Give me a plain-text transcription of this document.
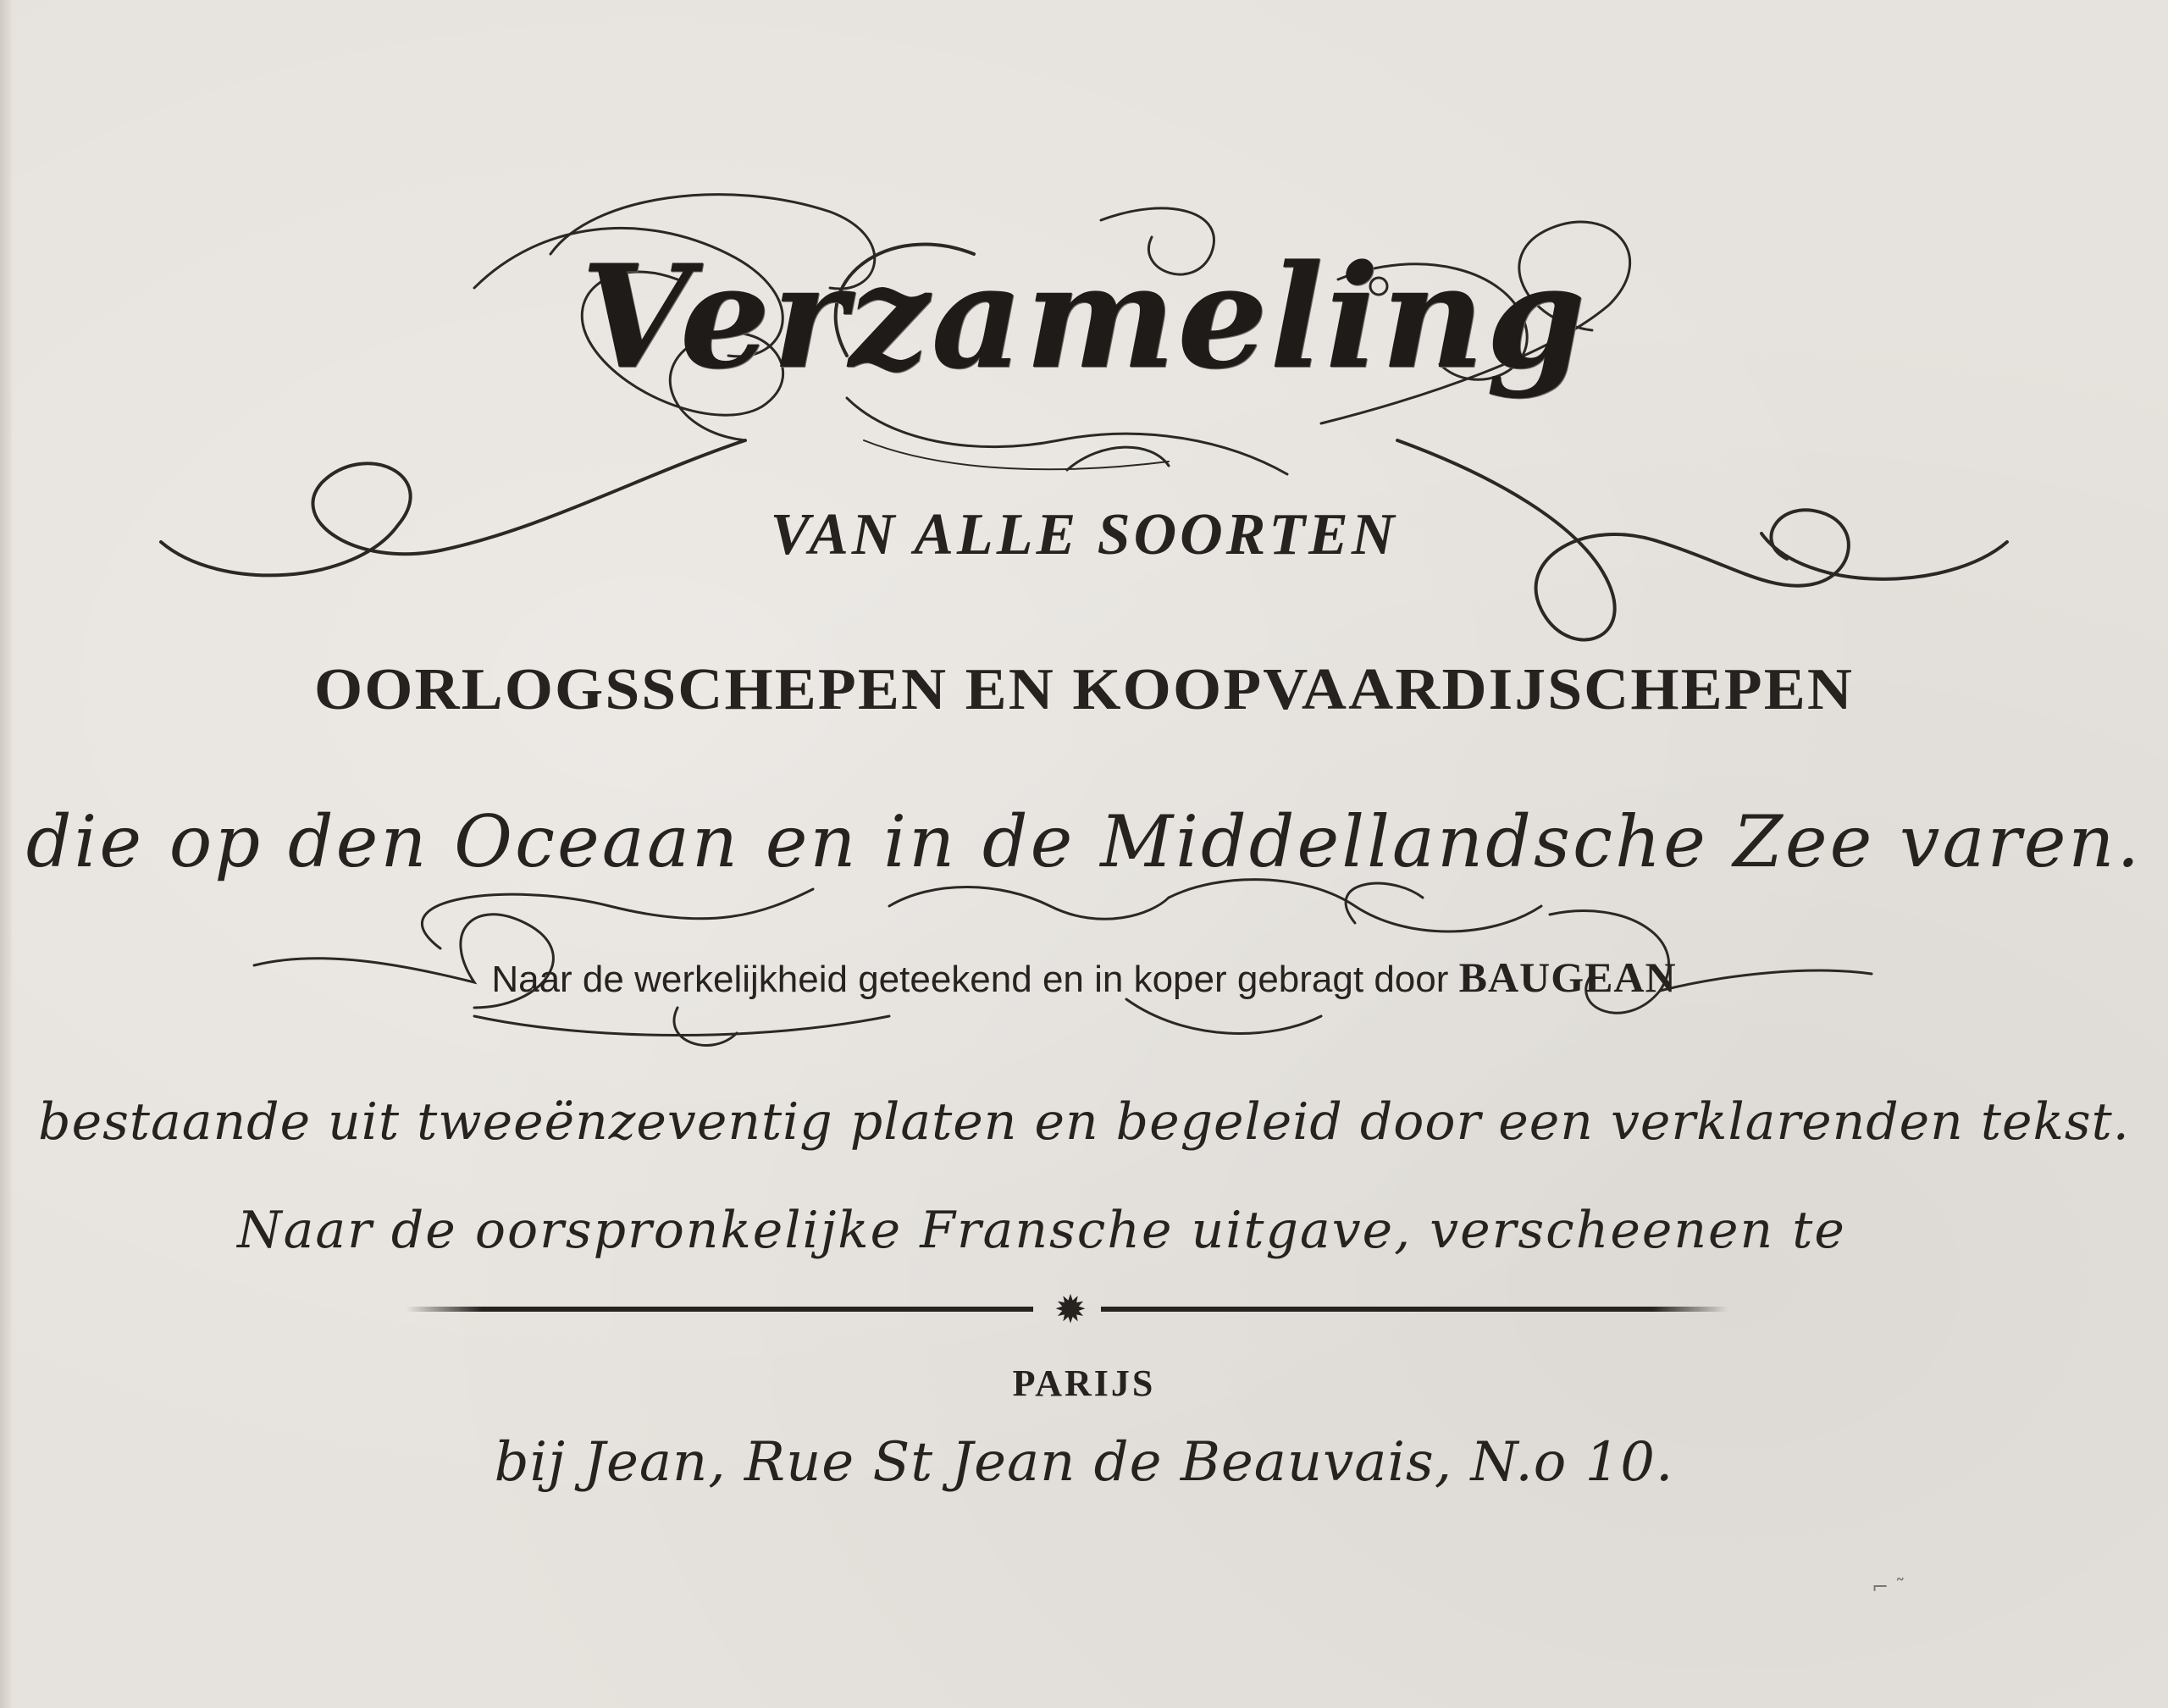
Verzameling
VAN ALLE SOORTEN
OORLOGSSCHEPEN EN KOOPVAARDIJSCHEPEN
die op den Oceaan en in de Middellandsche Zee varen.
Naar de werkelijkheid geteekend en in koper gebragt door BAUGEAN
bestaande uit tweeënzeventig platen en begeleid door een verklarenden tekst.
Naar de oorspronkelijke Fransche uitgave, verscheenen te
✹
PARIJS
bij Jean, Rue St Jean de Beauvais, N.o 10.
⌐ ˜
